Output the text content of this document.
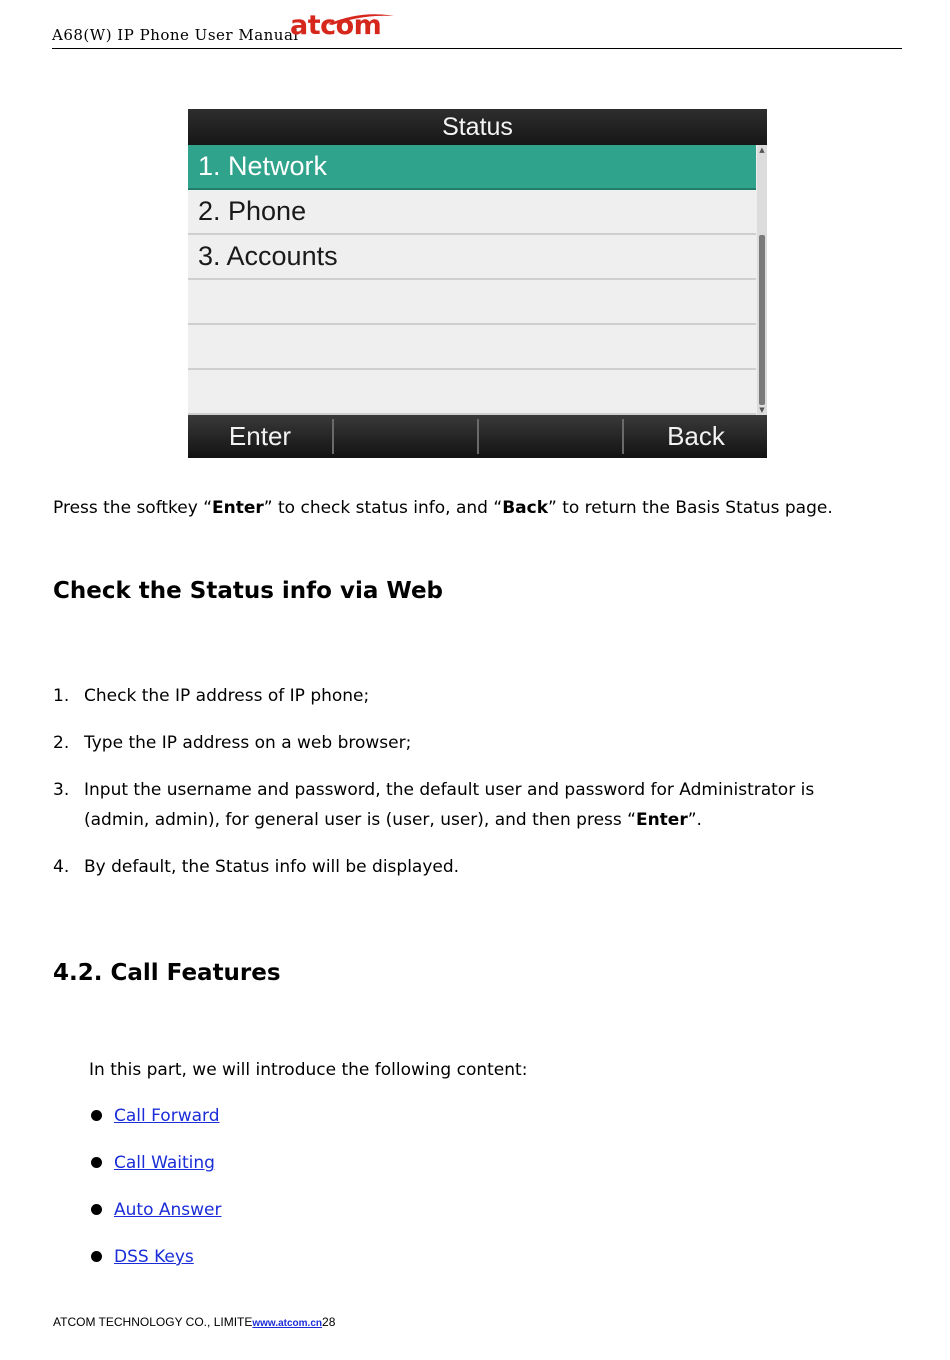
A68(W) IP Phone User Manual
atcom
Status
1. Network
2. Phone
3. Accounts
▲
▼
Enter	Back
Press the softkey “Enter” to check status info, and “Back” to return the Basis Status page.
Check the Status info via Web
1. Check the IP address of IP phone;
2. Type the IP address on a web browser;
3. Input the username and password, the default user and password for Administrator is
(admin, admin), for general user is (user, user), and then press “Enter”.
4. By default, the Status info will be displayed.
4.2. Call Features
In this part, we will introduce the following content:
Call Forward
Call Waiting
Auto Answer
DSS Keys
ATCOM TECHNOLOGY CO., LIMITEwww.atcom.cn28
